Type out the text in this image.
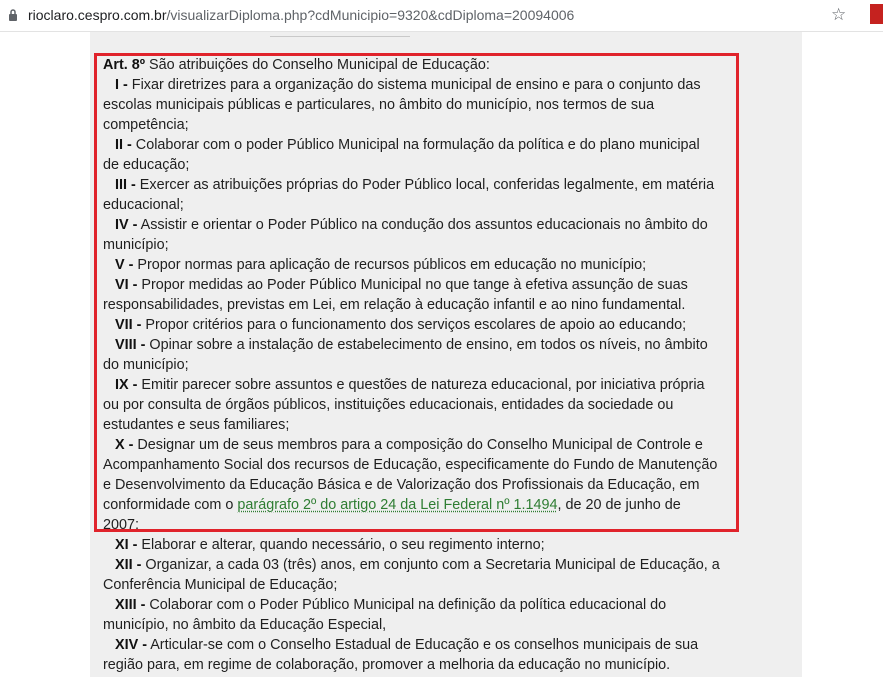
rioclaro.cespro.com.br/visualizarDiploma.php?cdMunicipio=9320&cdDiploma=20094006	☆
Art. 8º São atribuições do Conselho Municipal de Educação:
I - Fixar diretrizes para a organização do sistema municipal de ensino e para o conjunto das
escolas municipais públicas e particulares, no âmbito do município, nos termos de sua
competência;
II - Colaborar com o poder Público Municipal na formulação da política e do plano municipal
de educação;
III - Exercer as atribuições próprias do Poder Público local, conferidas legalmente, em matéria
educacional;
IV - Assistir e orientar o Poder Público na condução dos assuntos educacionais no âmbito do
município;
V - Propor normas para aplicação de recursos públicos em educação no município;
VI - Propor medidas ao Poder Público Municipal no que tange à efetiva assunção de suas
responsabilidades, previstas em Lei, em relação à educação infantil e ao nino fundamental.
VII - Propor critérios para o funcionamento dos serviços escolares de apoio ao educando;
VIII - Opinar sobre a instalação de estabelecimento de ensino, em todos os níveis, no âmbito
do município;
IX - Emitir parecer sobre assuntos e questões de natureza educacional, por iniciativa própria
ou por consulta de órgãos públicos, instituições educacionais, entidades da sociedade ou
estudantes e seus familiares;
X - Designar um de seus membros para a composição do Conselho Municipal de Controle e
Acompanhamento Social dos recursos de Educação, especificamente do Fundo de Manutenção
e Desenvolvimento da Educação Básica e de Valorização dos Profissionais da Educação, em
conformidade com o parágrafo 2º do artigo 24 da Lei Federal nº 1.1494, de 20 de junho de
2007;
XI - Elaborar e alterar, quando necessário, o seu regimento interno;
XII - Organizar, a cada 03 (três) anos, em conjunto com a Secretaria Municipal de Educação, a
Conferência Municipal de Educação;
XIII - Colaborar com o Poder Público Municipal na definição da política educacional do
município, no âmbito da Educação Especial,
XIV - Articular-se com o Conselho Estadual de Educação e os conselhos municipais de sua
região para, em regime de colaboração, promover a melhoria da educação no município.
